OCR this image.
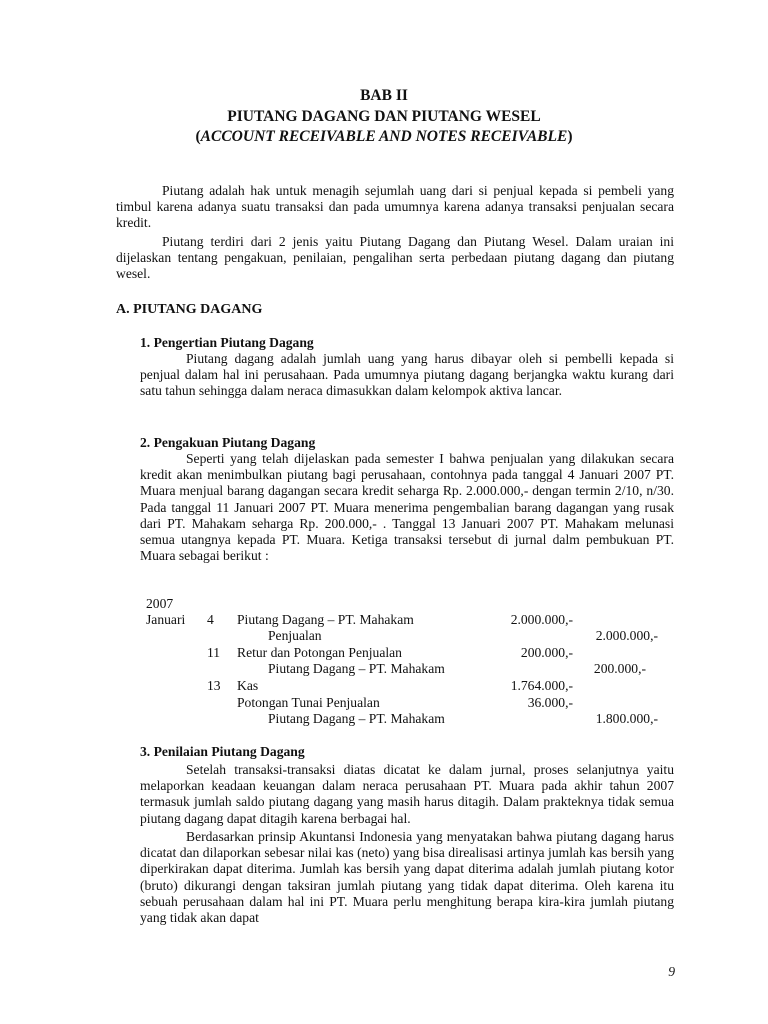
BAB II
PIUTANG DAGANG DAN PIUTANG WESEL
(ACCOUNT RECEIVABLE AND NOTES RECEIVABLE)

Piutang adalah hak untuk menagih sejumlah uang dari si penjual kepada si pembeli yang timbul karena adanya suatu transaksi dan pada umumnya karena adanya transaksi penjualan secara kredit.

Piutang terdiri dari 2 jenis yaitu Piutang Dagang dan Piutang Wesel. Dalam uraian ini dijelaskan tentang pengakuan, penilaian, pengalihan serta perbedaan piutang dagang dan piutang wesel.

A. PIUTANG DAGANG

1. Pengertian Piutang Dagang

Piutang dagang adalah jumlah uang yang harus dibayar oleh si pembelli kepada si penjual dalam hal ini perusahaan. Pada umumnya piutang dagang berjangka waktu kurang dari satu tahun sehingga dalam neraca dimasukkan dalam kelompok aktiva lancar.

2. Pengakuan Piutang Dagang

Seperti yang telah dijelaskan pada semester I bahwa penjualan yang dilakukan secara kredit akan menimbulkan piutang bagi perusahaan, contohnya pada tanggal 4 Januari 2007 PT. Muara menjual barang dagangan secara kredit seharga Rp. 2.000.000,- dengan termin 2/10, n/30. Pada tanggal 11 Januari 2007 PT. Muara menerima pengembalian barang dagangan yang rusak dari PT. Mahakam seharga Rp. 200.000,- . Tanggal 13 Januari 2007 PT. Mahakam melunasi semua utangnya kepada PT. Muara. Ketiga transaksi tersebut di jurnal dalm pembukuan PT. Muara sebagai berikut :

2007
Januari 4 Piutang Dagang – PT. Mahakam	2.000.000,-
Penjualan	2.000.000,-
11 Retur dan Potongan Penjualan	200.000,-
Piutang Dagang – PT. Mahakam	200.000,-
13 Kas	1.764.000,-
Potongan Tunai Penjualan	36.000,-
Piutang Dagang – PT. Mahakam	1.800.000,-

3. Penilaian Piutang Dagang

Setelah transaksi-transaksi diatas dicatat ke dalam jurnal, proses selanjutnya yaitu melaporkan keadaan keuangan dalam neraca perusahaan PT. Muara pada akhir tahun 2007 termasuk jumlah saldo piutang dagang yang masih harus ditagih. Dalam prakteknya tidak semua piutang dagang dapat ditagih karena berbagai hal.

Berdasarkan prinsip Akuntansi Indonesia yang menyatakan bahwa piutang dagang harus dicatat dan dilaporkan sebesar nilai kas (neto) yang bisa direalisasi artinya jumlah kas bersih yang diperkirakan dapat diterima. Jumlah kas bersih yang dapat diterima adalah jumlah piutang kotor (bruto) dikurangi dengan taksiran jumlah piutang yang tidak dapat diterima. Oleh karena itu sebuah perusahaan dalam hal ini PT. Muara perlu menghitung berapa kira-kira jumlah piutang yang tidak akan dapat

9
